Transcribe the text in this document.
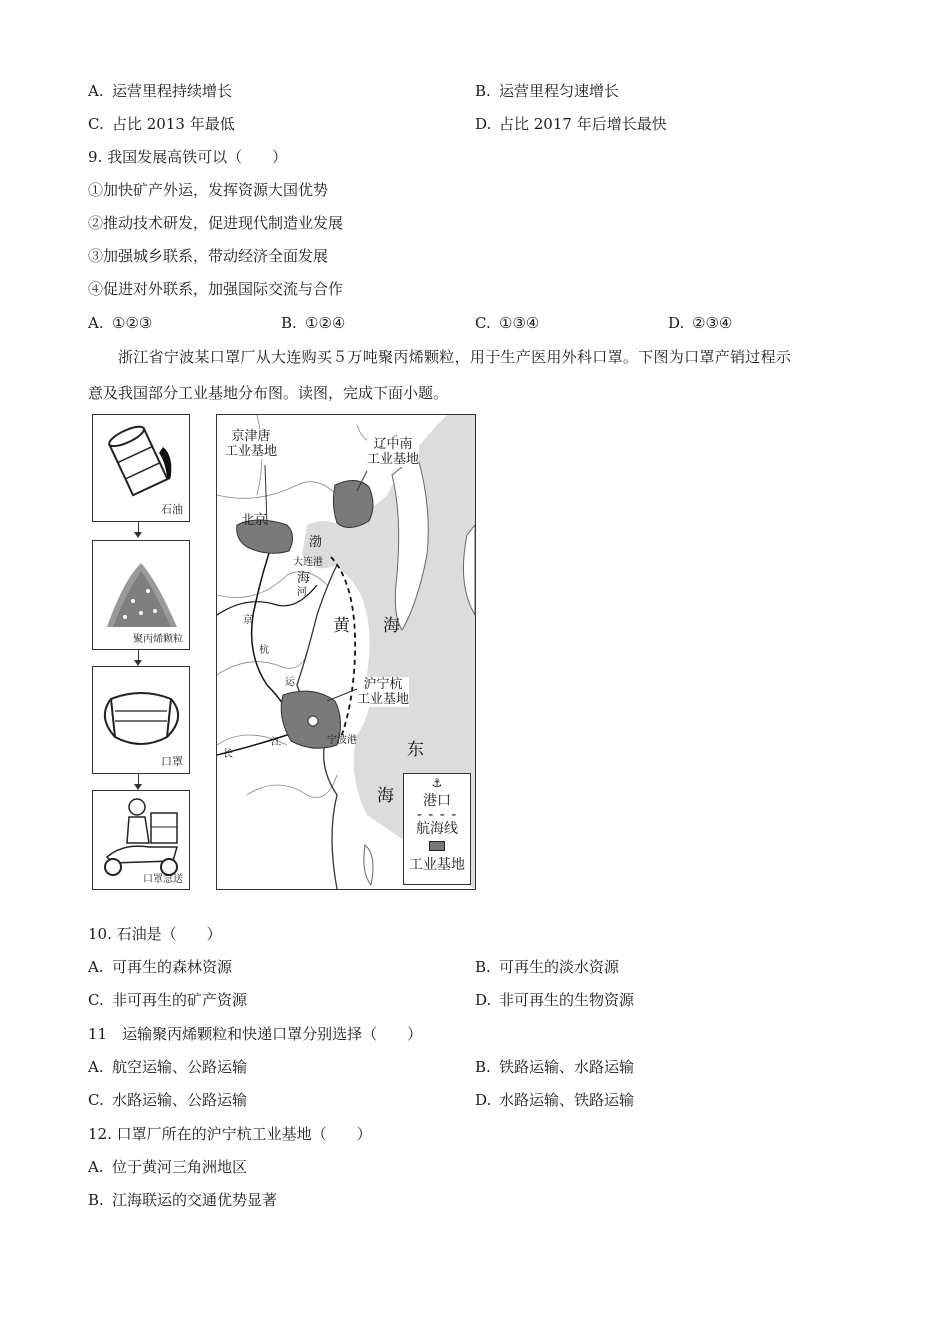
A. 运营里程持续增长	B. 运营里程匀速增长
C. 占比 2013 年最低	D. 占比 2017 年后增长最快
9. 我国发展高铁可以（　　）
①加快矿产外运，发挥资源大国优势
②推动技术研发，促进现代制造业发展
③加强城乡联系，带动经济全面发展
④促进对外联系，加强国际交流与合作
A. ①②③	B. ①②④	C. ①③④	D. ②③④
浙江省宁波某口罩厂从大连购买５万吨聚丙烯颗粒，用于生产医用外科口罩。下图为口罩产销过程示
意及我国部分工业基地分布图。读图，完成下面小题。
石油
聚丙烯颗粒
口罩
口罩急送
京津唐
工业基地	辽中南
工业基地
沪宁杭
工业基地
北京
大连港
宁波港
渤
海
黄 海
东
海
京
杭
运
河
长
江
⚓
港口
- - - -
航海线
工业基地
10. 石油是（　　）
A. 可再生的森林资源	B. 可再生的淡水资源
C. 非可再生的矿产资源	D. 非可再生的生物资源
11　运输聚丙烯颗粒和快递口罩分别选择（　　）
A. 航空运输、公路运输	B. 铁路运输、水路运输
C. 水路运输、公路运输	D. 水路运输、铁路运输
12. 口罩厂所在的沪宁杭工业基地（　　）
A. 位于黄河三角洲地区
B. 江海联运的交通优势显著
